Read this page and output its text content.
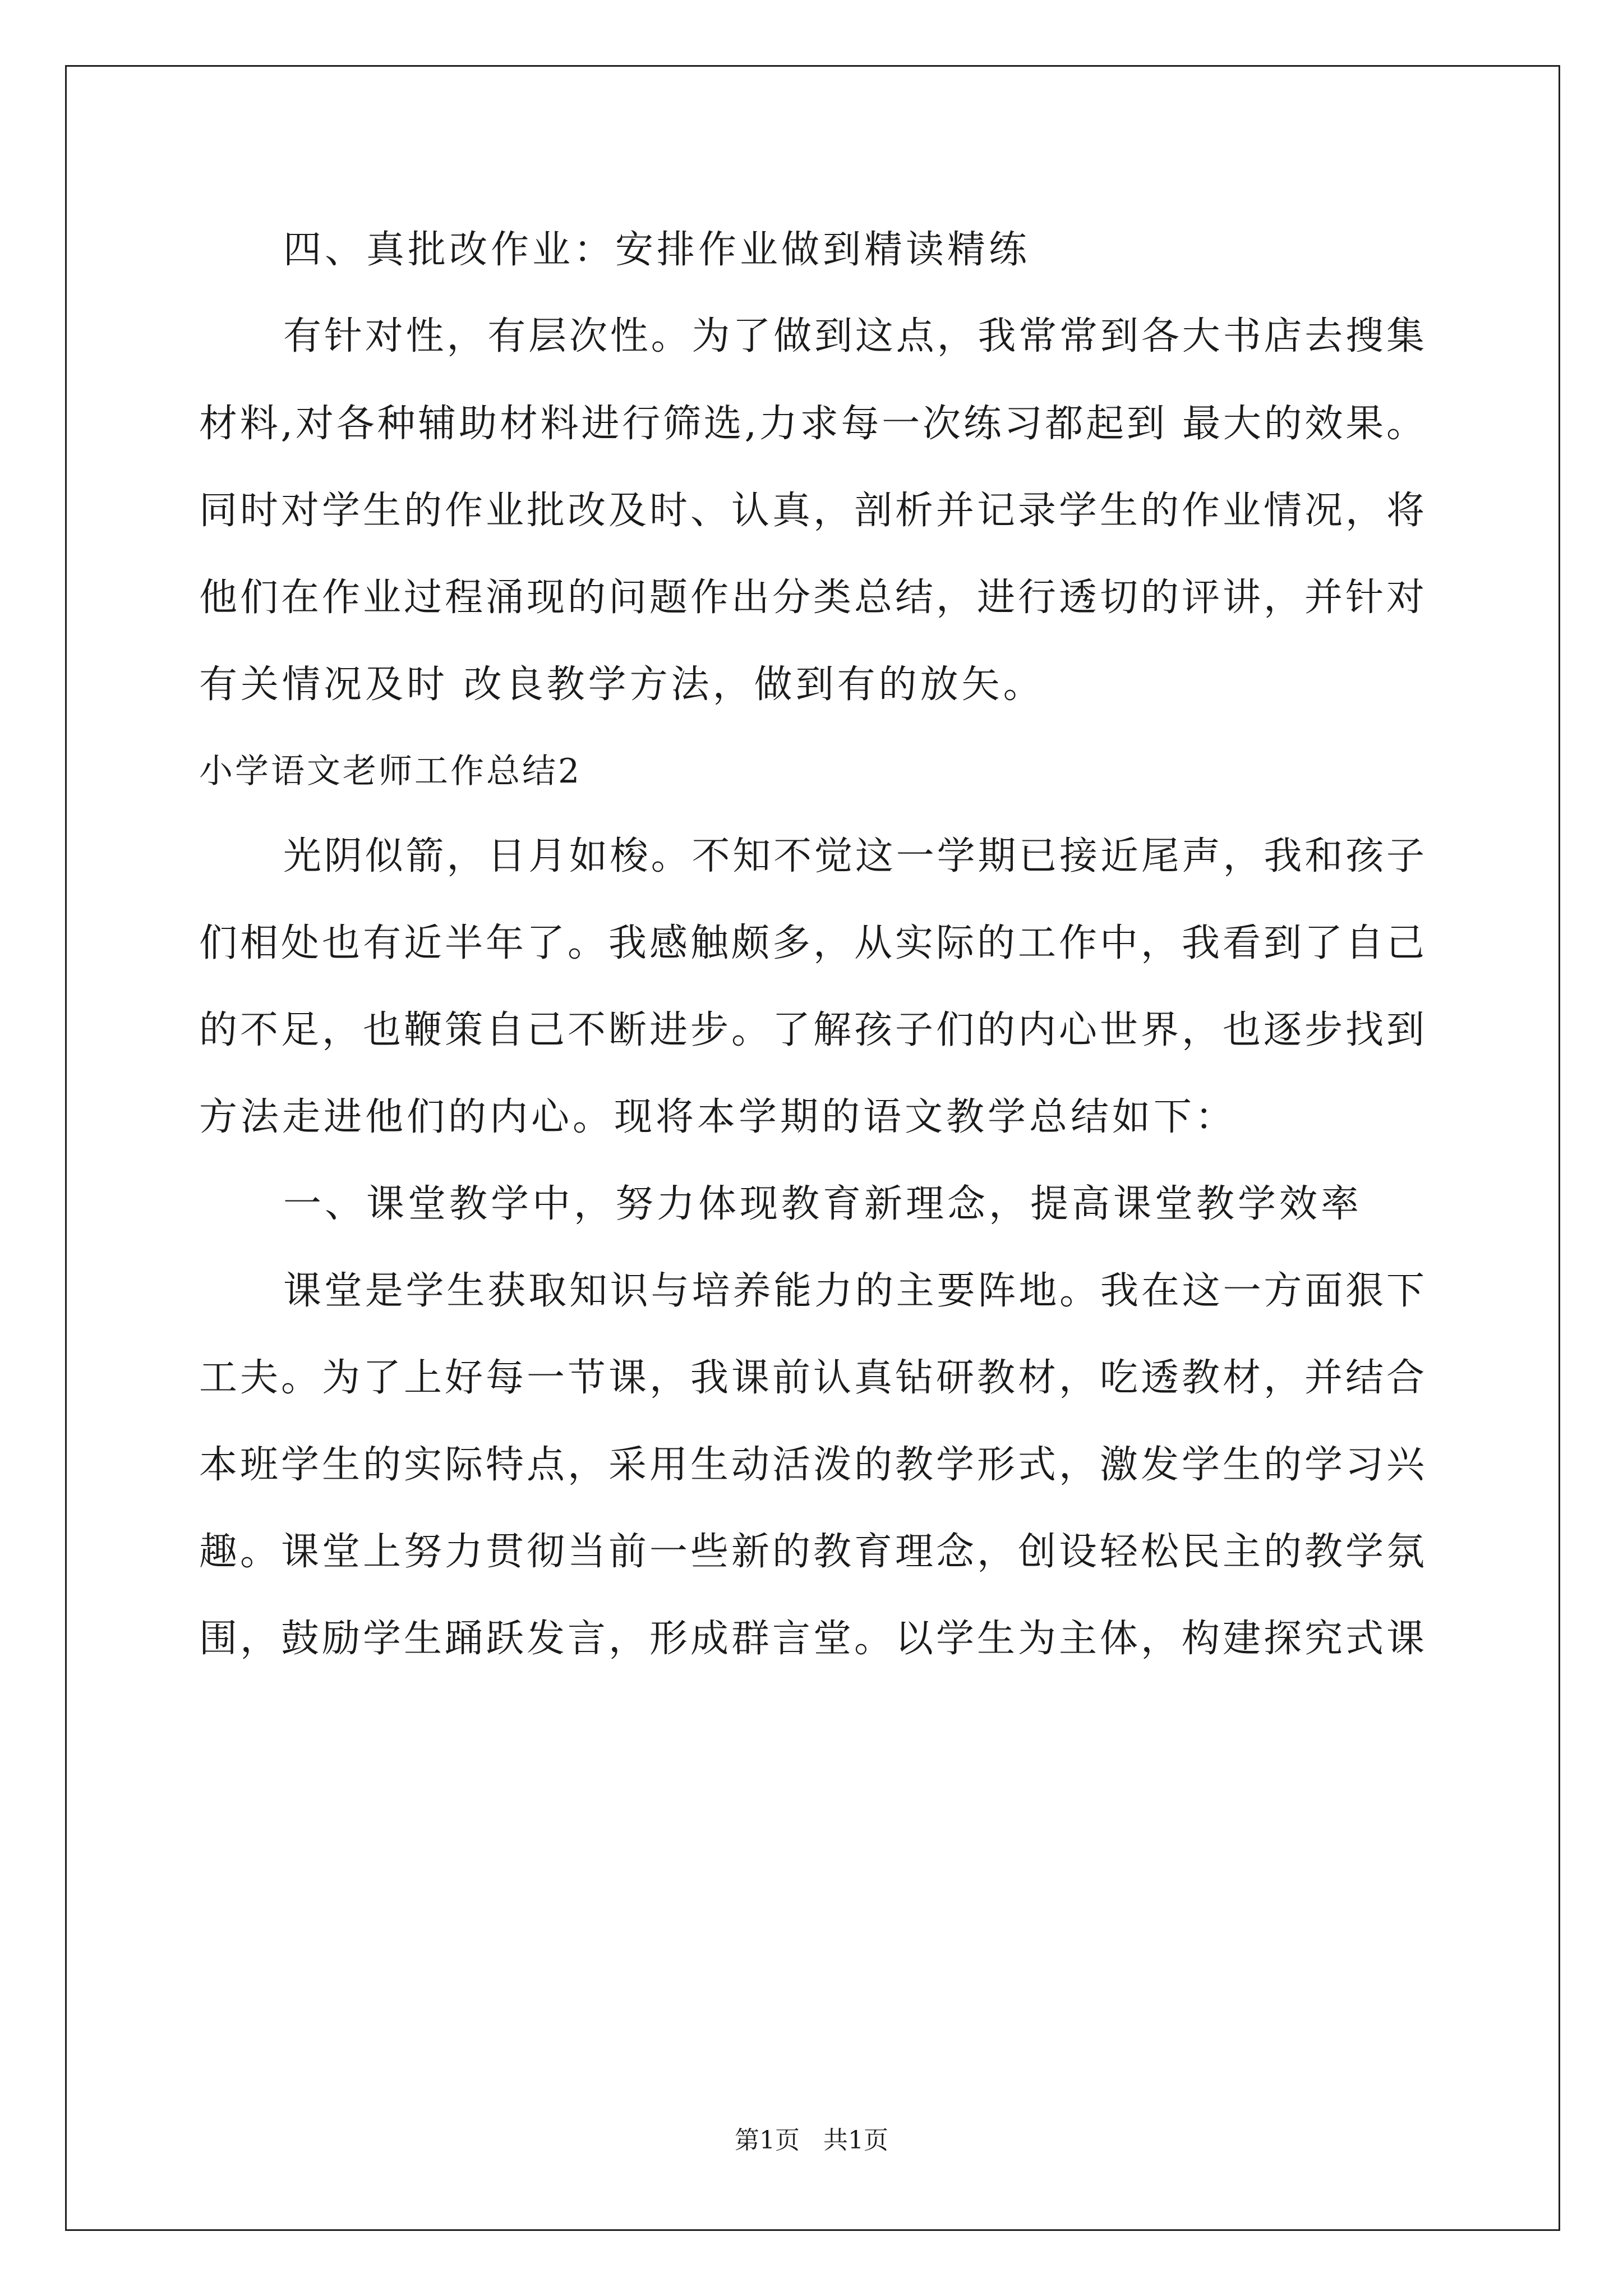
四、真批改作业：安排作业做到精读精练
有针对性，有层次性。为了做到这点，我常常到各大书店去搜集
材料,对各种辅助材料进行筛选,力求每一次练习都起到 最大的效果。
同时对学生的作业批改及时、认真，剖析并记录学生的作业情况，将
他们在作业过程涌现的问题作出分类总结，进行透切的评讲，并针对
有关情况及时 改良教学方法，做到有的放矢。
小学语文老师工作总结2
光阴似箭，日月如梭。不知不觉这一学期已接近尾声，我和孩子
们相处也有近半年了。我感触颇多，从实际的工作中，我看到了自己
的不足，也鞭策自己不断进步。了解孩子们的内心世界，也逐步找到
方法走进他们的内心。现将本学期的语文教学总结如下：
一、课堂教学中，努力体现教育新理念，提高课堂教学效率
课堂是学生获取知识与培养能力的主要阵地。我在这一方面狠下
工夫。为了上好每一节课，我课前认真钻研教材，吃透教材，并结合
本班学生的实际特点，采用生动活泼的教学形式，激发学生的学习兴
趣。课堂上努力贯彻当前一些新的教育理念，创设轻松民主的教学氛
围，鼓励学生踊跃发言，形成群言堂。以学生为主体，构建探究式课
第1页   共1页
